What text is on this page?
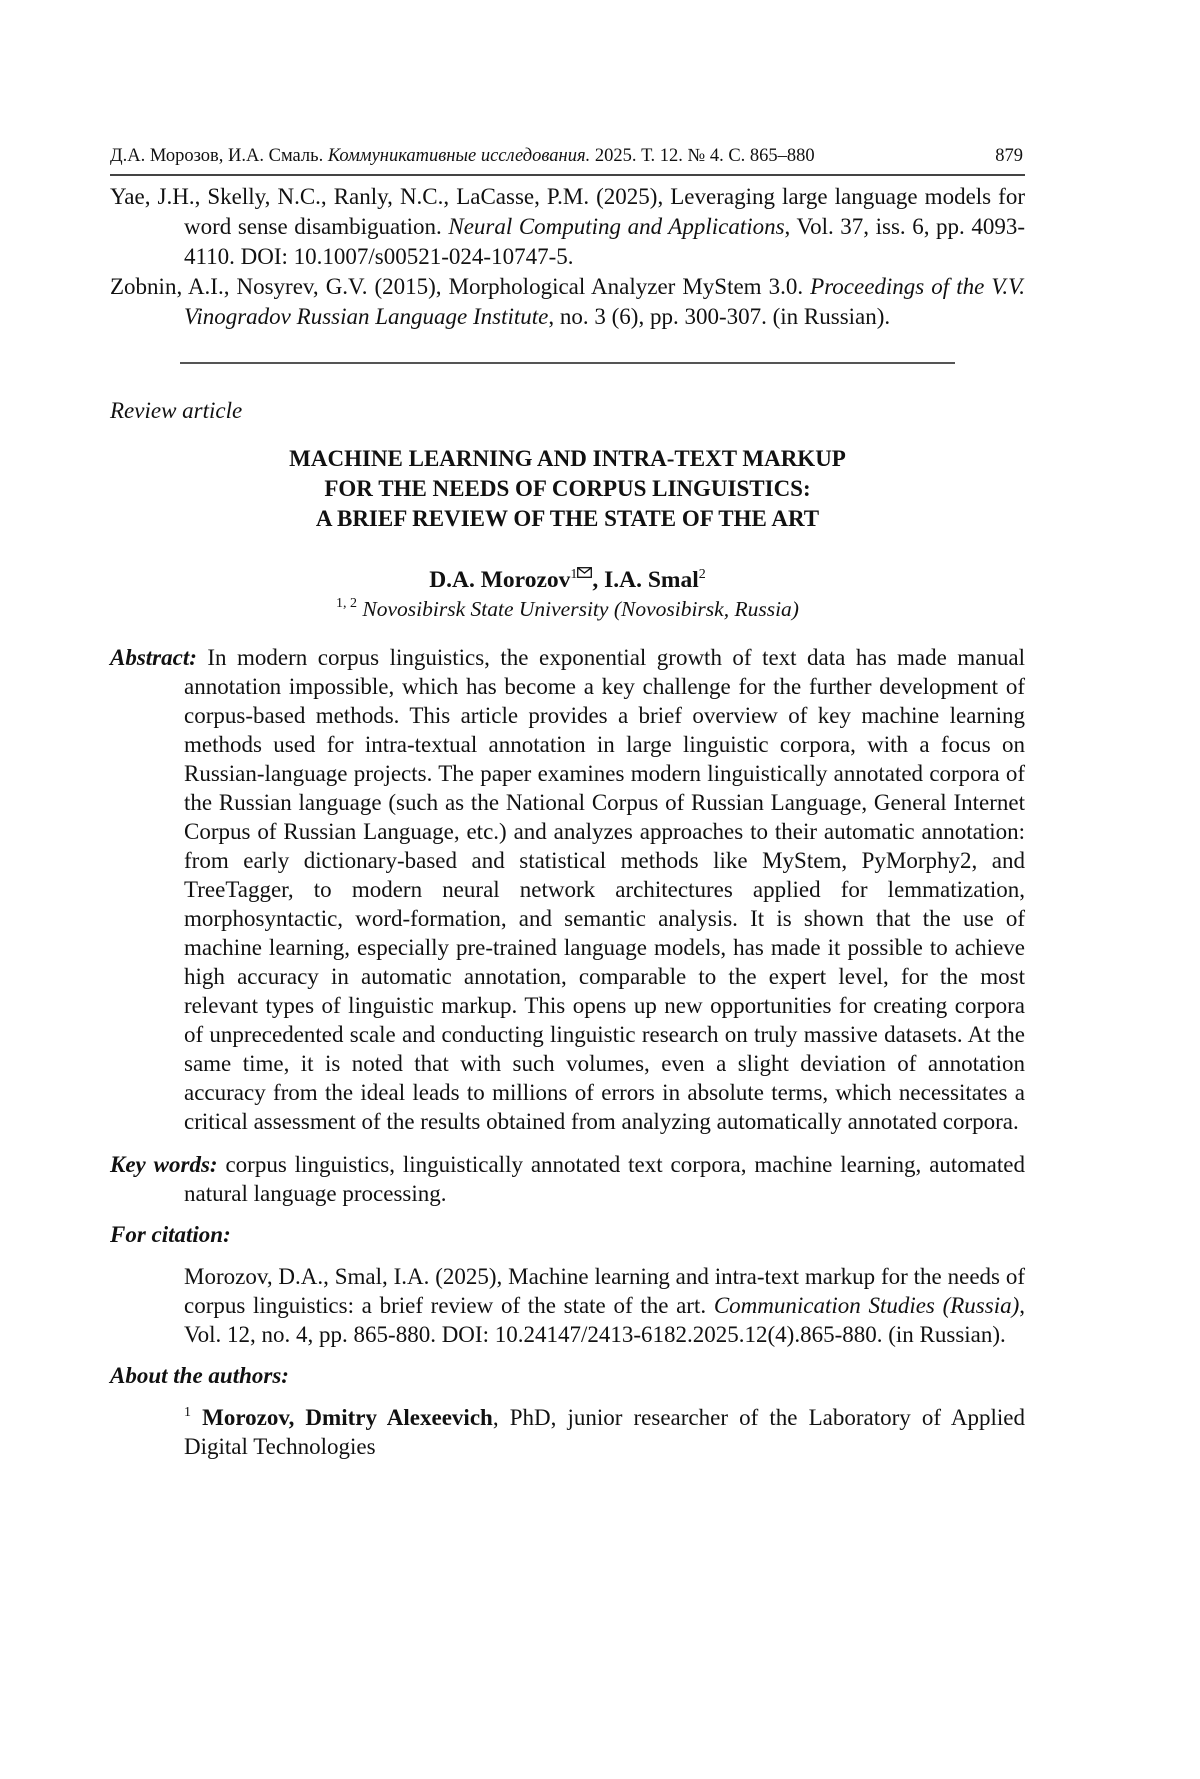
Д.А. Морозов, И.А. Смаль. Коммуникативные исследования. 2025. Т. 12. № 4. С. 865–880	879
Yae, J.H., Skelly, N.C., Ranly, N.C., LaCasse, P.M. (2025), Leveraging large language models for word sense disambiguation. Neural Computing and Applications, Vol. 37, iss. 6, pp. 4093-4110. DOI: 10.1007/s00521-024-10747-5.
Zobnin, A.I., Nosyrev, G.V. (2015), Morphological Analyzer MyStem 3.0. Proceedings of the V.V. Vinogradov Russian Language Institute, no. 3 (6), pp. 300-307. (in Russian).
Review article
MACHINE LEARNING AND INTRA-TEXT MARKUP
FOR THE NEEDS OF CORPUS LINGUISTICS:
A BRIEF REVIEW OF THE STATE OF THE ART
D.A. Morozov$^1$ , I.A. Smal$^2$
$^{1, 2}$ Novosibirsk State University (Novosibirsk, Russia)
Abstract: In modern corpus linguistics, the exponential growth of text data has made manual annotation impossible, which has become a key challenge for the further development of corpus-based methods. This article provides a brief overview of key machine learning methods used for intra-textual annotation in large linguistic corpora, with a focus on Russian-language projects. The paper examines modern linguistically annotated corpora of the Russian language (such as the National Corpus of Russian Language, General Internet Corpus of Russian Language, etc.) and analyzes approaches to their automatic annotation: from early dictionary-based and statistical methods like MyStem, PyMorphy2, and TreeTagger, to modern neural network architectures applied for lemmatization, morphosyntactic, word-formation, and semantic analysis. It is shown that the use of machine learning, especially pre-trained language models, has made it possible to achieve high accuracy in automatic annotation, comparable to the expert level, for the most relevant types of linguistic markup. This opens up new opportunities for creating corpora of unprecedented scale and conducting linguistic research on truly massive datasets. At the same time, it is noted that with such volumes, even a slight deviation of annotation accuracy from the ideal leads to millions of errors in absolute terms, which necessitates a critical assessment of the results obtained from analyzing automatically annotated corpora.
Key words: corpus linguistics, linguistically annotated text corpora, machine learning, automated natural language processing.
For citation:
Morozov, D.A., Smal, I.A. (2025), Machine learning and intra-text markup for the needs of corpus linguistics: a brief review of the state of the art. Communication Studies (Russia), Vol. 12, no. 4, pp. 865-880. DOI: 10.24147/2413-6182.2025.12(4).865-880. (in Russian).
About the authors:
$^1$ Morozov, Dmitry Alexeevich, PhD, junior researcher of the Laboratory of Applied Digital Technologies
